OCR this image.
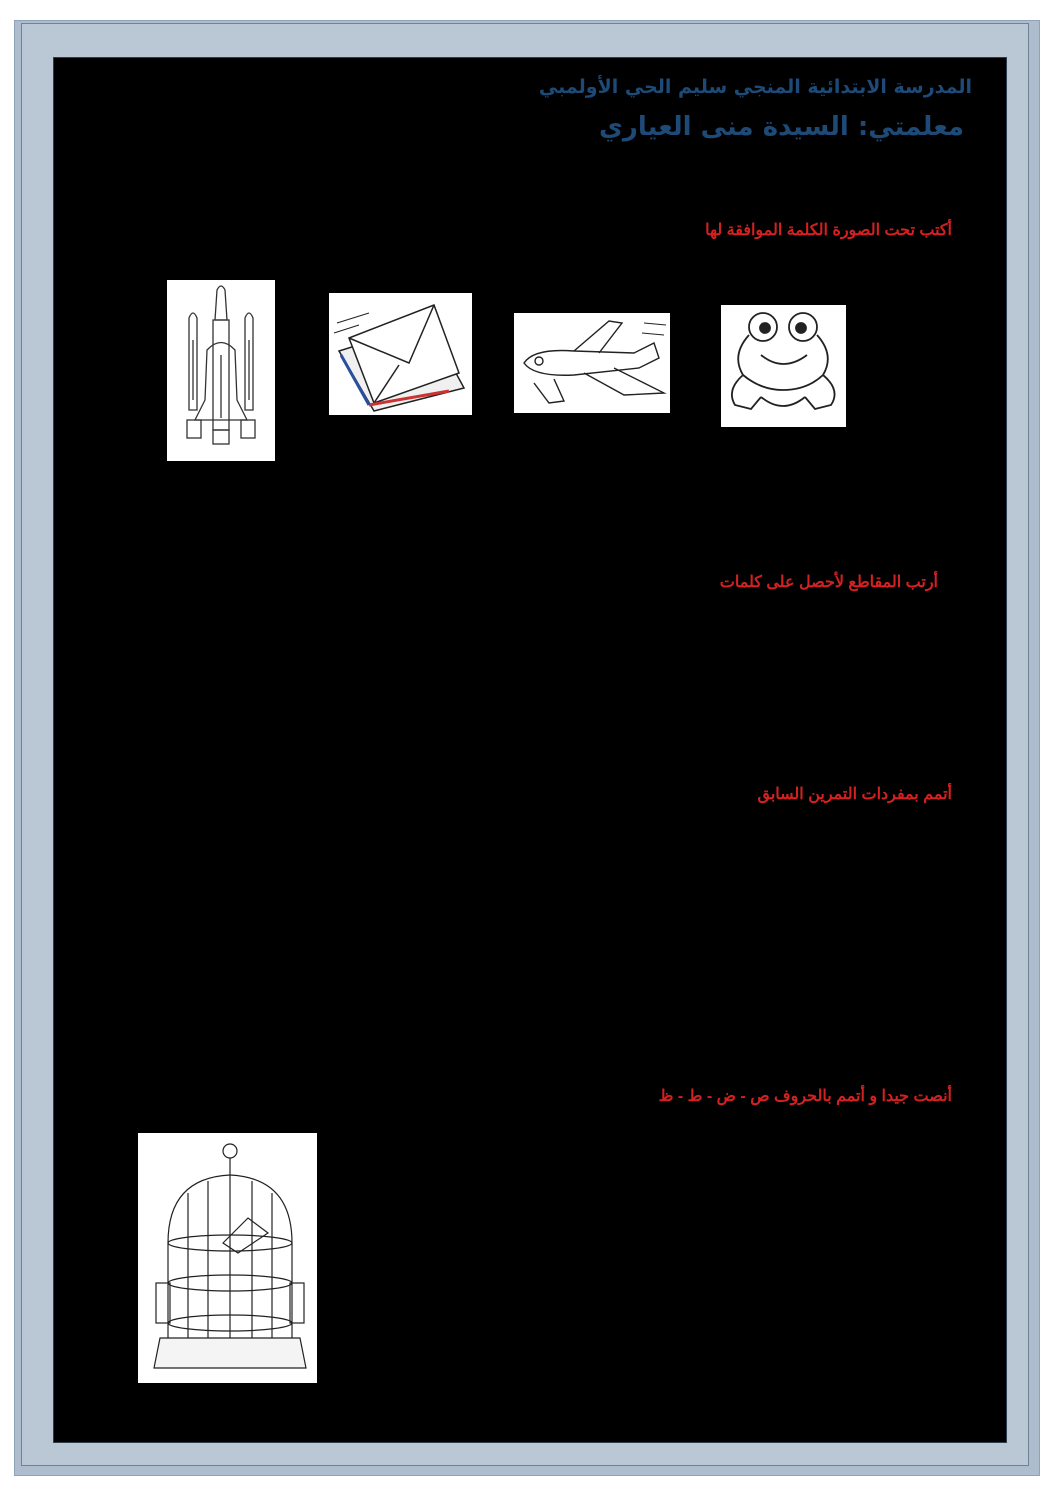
المدرسة الابتدائية المنجي سليم الحي الأولمبي

معلمتي: السيدة منى العياري

أكتب تحت الصورة الكلمة الموافقة لها

أرتب المقاطع لأحصل على كلمات

أتمم بمفردات التمرين السابق

أنصت جيدا و أتمم بالحروف ص - ض - ط - ظ
